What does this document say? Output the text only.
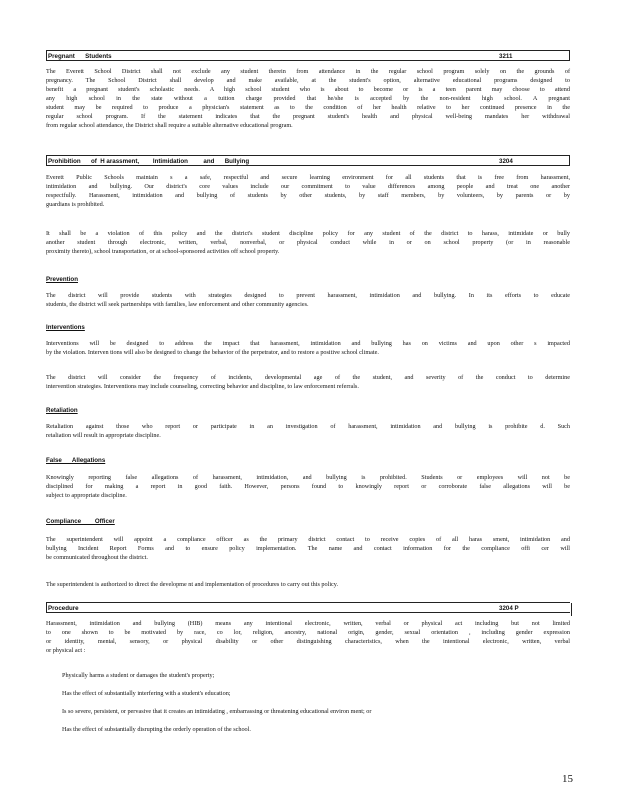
Pregnant      Students	3211
The Everett School District shall not exclude any student therein from attendance in the regular school program solely on the grounds of
pregnancy. The School District shall develop and make available, at the student's option, alternative educational programs designed to
benefit a pregnant student's scholastic needs. A high school student who is about to become or is a teen parent may choose to attend
any high school in the state without a tuition charge provided that he/she is accepted by the non-resident high school. A pregnant
student may be required to produce a physician's statement as to the condition of her health relative to her continued presence in the
regular school program. If the statement indicates that the pregnant student's health and physical well-being mandates her withdrawal
from regular school attendance, the District shall require a suitable alternative educational program.
Prohibition      of  H arassment,        Intimidation         and      Bullying	3204
Everett Public Schools maintain s a safe, respectful and secure learning environment for all students that is free from harassment,
intimidation and bullying. Our district's core values include our commitment to value differences among people and treat one another
respectfully. Harassment, intimidation and bullying of students by other students, by staff members, by volunteers, by parents or by
guardians is prohibited.
It shall be a violation of this policy and the district's student discipline policy for any student of the district to harass, intimidate or bully
another student through electronic, written, verbal, nonverbal, or physical conduct while in or on school property (or in reasonable
proximity thereto), school transportation, or at school-sponsored activities off school property.
Prevention
The district will provide students with strategies designed to prevent harassment, intimidation and bullying. In its efforts to educate
students, the district will seek partnerships with families, law enforcement and other community agencies.
Interventions
Interventions will be designed to address the impact that harassment, intimidation and bullying has on victims and upon other s impacted
by the violation. Interven tions will also be designed to change the behavior of the perpetrator, and to restore a positive school climate.
The district will consider the frequency of incidents, developmental age of the student, and severity of the conduct to determine
intervention strategies. Interventions may include counseling, correcting behavior and discipline, to law enforcement referrals.
Retaliation
Retaliation against those who report or participate in an investigation of harassment, intimidation and bullying is prohibite d. Such
retaliation will result in appropriate discipline.
False      Allegations
Knowingly reporting false allegations of harassment, intimidation, and bullying is prohibited. Students or employees will not be
disciplined for making a report in good faith. However, persons found to knowingly report or corroborate false allegations will be
subject to appropriate discipline.
Compliance        Officer
The superintendent will appoint a compliance officer as the primary district contact to receive copies of all haras sment, intimidation and
bullying Incident Report Forms and to ensure policy implementation. The name and contact information for the compliance offi cer will
be communicated throughout the district.
The superintendent is authorized to direct the developme nt and implementation of procedures to carry out this policy.
Procedure	3204 P
Harassment, intimidation and bullying (HIB) means any intentional electronic, written, verbal or physical act including but not limited
to one shown to be motivated by race, co lor, religion, ancestry, national origin, gender, sexual orientation , including gender expression
or identity, mental, sensory, or physical disability or other distinguishing characteristics, when the intentional electronic, written, verbal
or physical act :
Physically harms a student or damages the student's property;
Has the effect of substantially interfering with a student's education;
Is so severe, persistent, or pervasive that it creates an intimidating , embarrassing or threatening educational environ ment; or
Has the effect of substantially disrupting the orderly operation of the school.
15
